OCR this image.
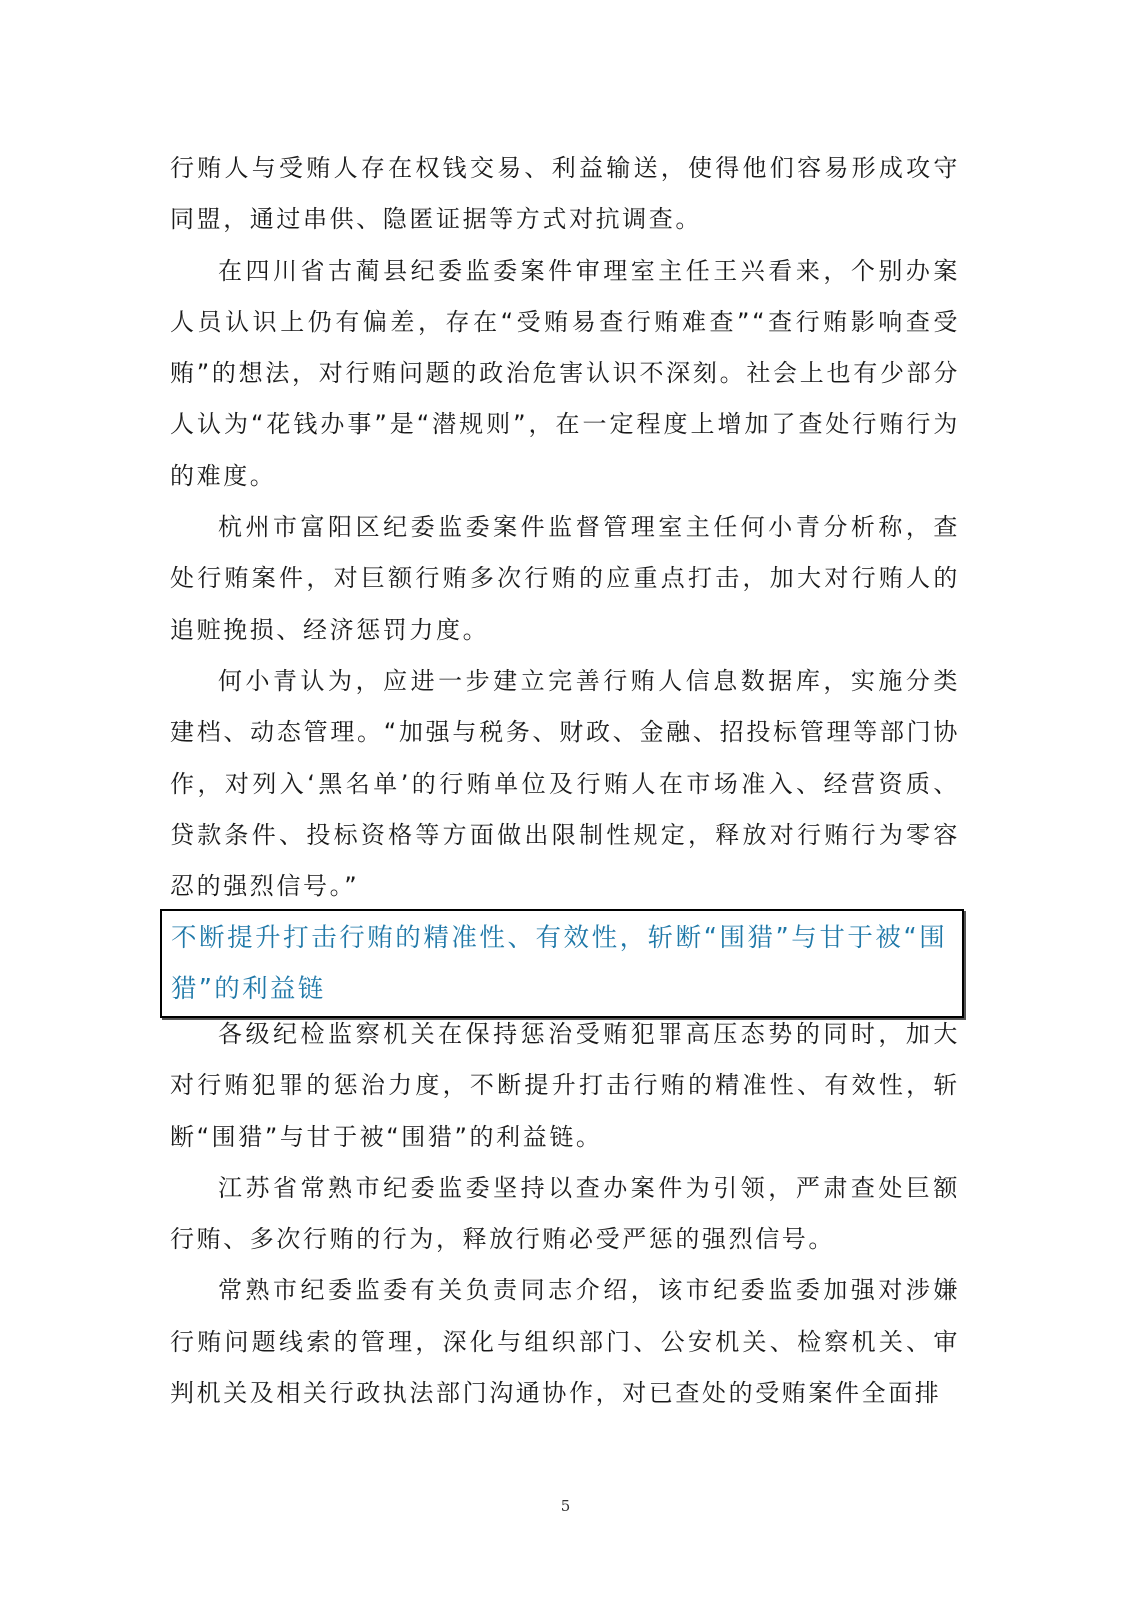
行贿人与受贿人存在权钱交易、利益输送，使得他们容易形成攻守同盟，通过串供、隐匿证据等方式对抗调查。

在四川省古蔺县纪委监委案件审理室主任王兴看来，个别办案人员认识上仍有偏差，存在“受贿易查行贿难查”“查行贿影响查受贿”的想法，对行贿问题的政治危害认识不深刻。社会上也有少部分人认为“花钱办事”是“潜规则”，在一定程度上增加了查处行贿行为的难度。

杭州市富阳区纪委监委案件监督管理室主任何小青分析称，查处行贿案件，对巨额行贿多次行贿的应重点打击，加大对行贿人的追赃挽损、经济惩罚力度。

何小青认为，应进一步建立完善行贿人信息数据库，实施分类建档、动态管理。“加强与税务、财政、金融、招投标管理等部门协作，对列入‘黑名单’的行贿单位及行贿人在市场准入、经营资质、贷款条件、投标资格等方面做出限制性规定，释放对行贿行为零容忍的强烈信号。”

不断提升打击行贿的精准性、有效性，斩断“围猎”与甘于被“围猎”的利益链

各级纪检监察机关在保持惩治受贿犯罪高压态势的同时，加大对行贿犯罪的惩治力度，不断提升打击行贿的精准性、有效性，斩断“围猎”与甘于被“围猎”的利益链。

江苏省常熟市纪委监委坚持以查办案件为引领，严肃查处巨额行贿、多次行贿的行为，释放行贿必受严惩的强烈信号。

常熟市纪委监委有关负责同志介绍，该市纪委监委加强对涉嫌行贿问题线索的管理，深化与组织部门、公安机关、检察机关、审判机关及相关行政执法部门沟通协作，对已查处的受贿案件全面排

5
